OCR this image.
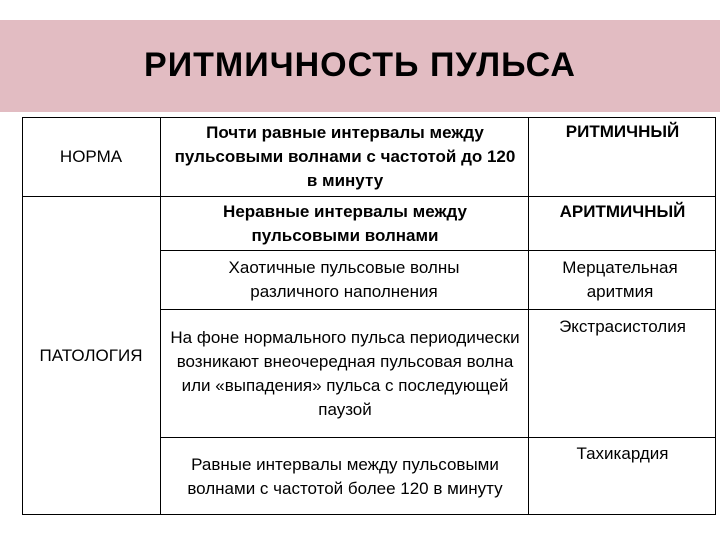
РИТМИЧНОСТЬ ПУЛЬСА
НОРМА
ПАТОЛОГИЯ
Почти равные интервалы между пульсовыми волнами с частотой до 120 в минуту
РИТМИЧНЫЙ
Неравные интервалы между пульсовыми волнами
АРИТМИЧНЫЙ
Хаотичные пульсовые волны различного наполнения
Мерцательная аритмия
На фоне нормального пульса периодически возникают внеочередная пульсовая волна или «выпадения» пульса с последующей паузой
Экстрасистолия
Равные интервалы между пульсовыми волнами с частотой более 120 в минуту
Тахикардия
